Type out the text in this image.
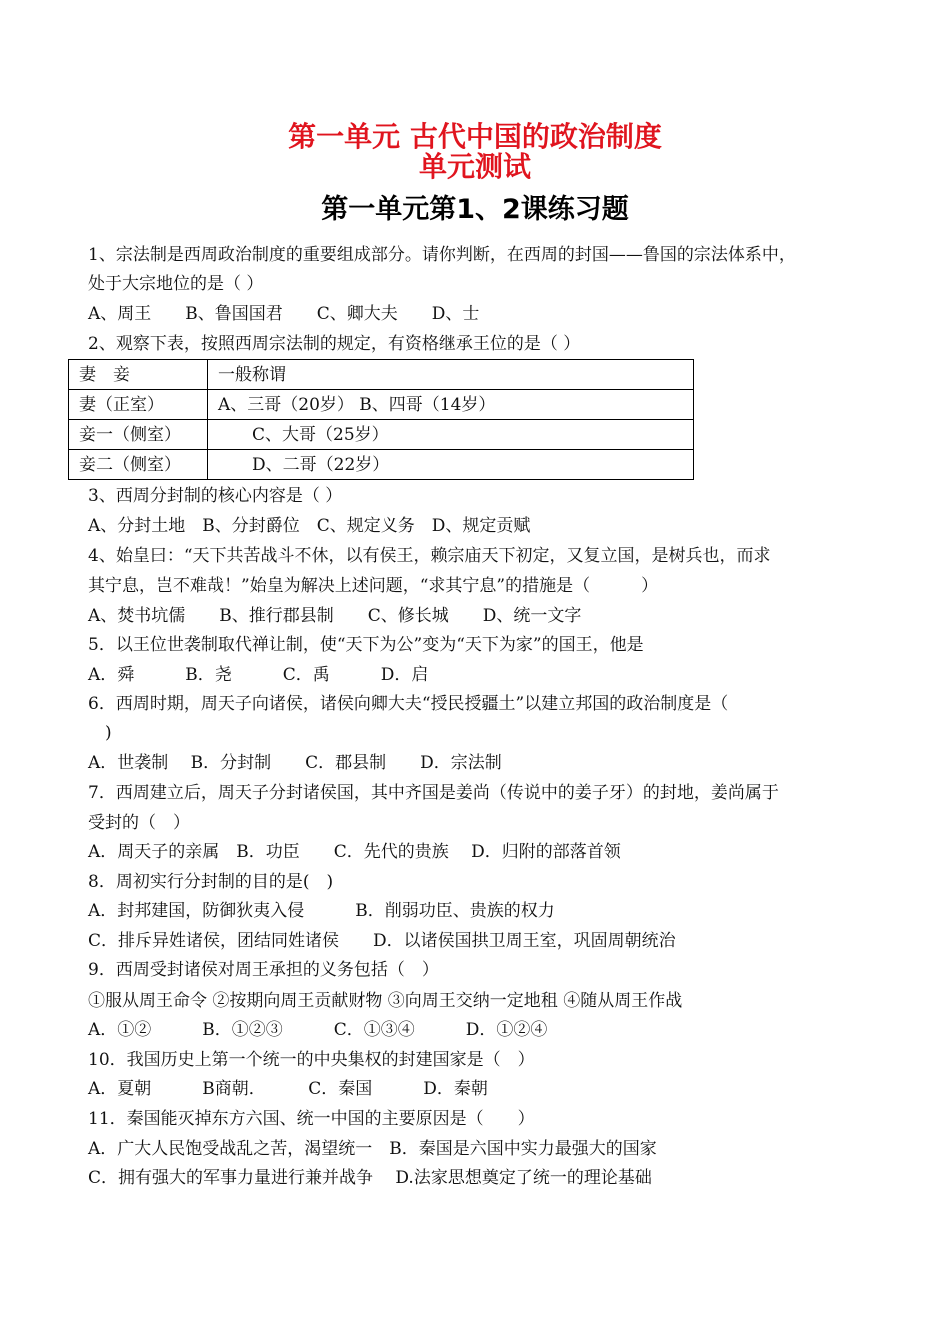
第一单元 古代中国的政治制度
单元测试
第一单元第1、2课练习题
1、宗法制是西周政治制度的重要组成部分。请你判断，在西周的封国——鲁国的宗法体系中，
处于大宗地位的是（ ）
A、周王　　B、鲁国国君　　C、卿大夫　　D、士
2、观察下表，按照西周宗法制的规定，有资格继承王位的是（ ）
妻　妾	一般称谓
妻（正室）	A、三哥（20岁） B、四哥（14岁）
妾一（侧室）	　　C、大哥（25岁）
妾二（侧室）	　　D、二哥（22岁）
3、西周分封制的核心内容是（ ）
A、分封土地　B、分封爵位　C、规定义务　D、规定贡赋
4、始皇曰：“天下共苦战斗不休，以有侯王，赖宗庙天下初定，又复立国，是树兵也，而求
其宁息，岂不难哉！”始皇为解决上述问题，“求其宁息”的措施是（　　　）
A、焚书坑儒　　B、推行郡县制　　C、修长城　　D、统一文字
5．以王位世袭制取代禅让制，使“天下为公”变为“天下为家”的国王，他是
A．舜　　　B．尧　　　C．禹　　　D．启
6．西周时期，周天子向诸侯，诸侯向卿大夫“授民授疆土”以建立邦国的政治制度是（
　)
A．世袭制　 B．分封制　　C．郡县制　　D．宗法制
7．西周建立后，周天子分封诸侯国，其中齐国是姜尚（传说中的姜子牙）的封地，姜尚属于
受封的（　）
A．周天子的亲属　B．功臣　　C．先代的贵族　 D．归附的部落首领
8．周初实行分封制的目的是(　)
A．封邦建国，防御狄夷入侵　　　B．削弱功臣、贵族的权力
C．排斥异姓诸侯，团结同姓诸侯　　D．以诸侯国拱卫周王室，巩固周朝统治
9．西周受封诸侯对周王承担的义务包括（　）
①服从周王命令 ②按期向周王贡献财物 ③向周王交纳一定地租 ④随从周王作战
A．①②　　　B．①②③　　　C．①③④　　　D．①②④
10．我国历史上第一个统一的中央集权的封建国家是（　）
A．夏朝　　　B商朝．　　　C．秦国　　　D．秦朝
11．秦国能灭掉东方六国、统一中国的主要原因是（　　）
A．广大人民饱受战乱之苦，渴望统一　B．秦国是六国中实力最强大的国家
C．拥有强大的军事力量进行兼并战争　 D.法家思想奠定了统一的理论基础
